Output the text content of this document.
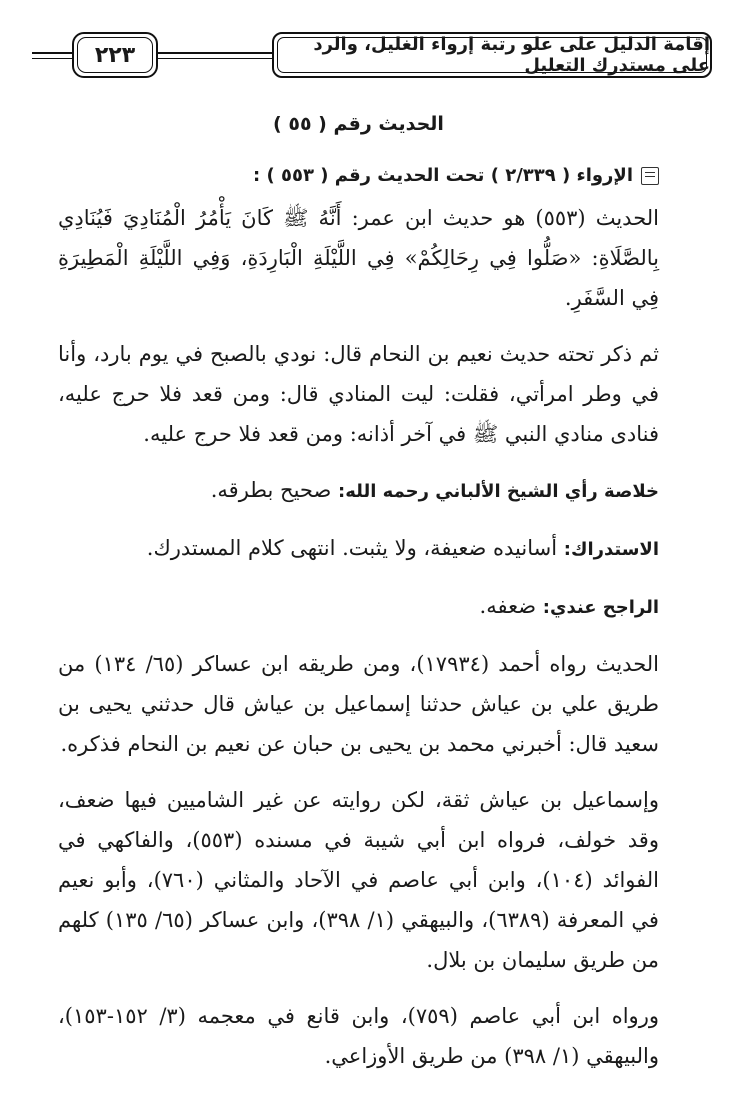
٢٢٣	إقامة الدليل على علو رتبة إرواء الغليل، والرد على مستدرك التعليل
الحديث رقم ( ٥٥ )
الإرواء ( ٢/٣٣٩ ) تحت الحديث رقم ( ٥٥٣ ) :

الحديث (٥٥٣) هو حديث ابن عمر: أَنَّهُ ﷺ كَانَ يَأْمُرُ الْمُنَادِيَ فَيُنَادِي بِالصَّلَاةِ: «صَلُّوا فِي رِحَالِكُمْ» فِي اللَّيْلَةِ الْبَارِدَةِ، وَفِي اللَّيْلَةِ الْمَطِيرَةِ فِي السَّفَرِ.

ثم ذكر تحته حديث نعيم بن النحام قال: نودي بالصبح في يوم بارد، وأنا في وطر امرأتي، فقلت: ليت المنادي قال: ومن قعد فلا حرج عليه، فنادى منادي النبي ﷺ في آخر أذانه: ومن قعد فلا حرج عليه.

خلاصة رأي الشيخ الألباني رحمه الله: صحيح بطرقه.

الاستدراك: أسانيده ضعيفة، ولا يثبت. انتهى كلام المستدرك.

الراجح عندي: ضعفه.

الحديث رواه أحمد (١٧٩٣٤)، ومن طريقه ابن عساكر (٦٥/ ١٣٤) من طريق علي بن عياش حدثنا إسماعيل بن عياش قال حدثني يحيى بن سعيد قال: أخبرني محمد بن يحيى بن حبان عن نعيم بن النحام فذكره.

وإسماعيل بن عياش ثقة، لكن روايته عن غير الشاميين فيها ضعف، وقد خولف، فرواه ابن أبي شيبة في مسنده (٥٥٣)، والفاكهي في الفوائد (١٠٤)، وابن أبي عاصم في الآحاد والمثاني (٧٦٠)، وأبو نعيم في المعرفة (٦٣٨٩)، والبيهقي (١/ ٣٩٨)، وابن عساكر (٦٥/ ١٣٥) كلهم من طريق سليمان بن بلال.

ورواه ابن أبي عاصم (٧٥٩)، وابن قانع في معجمه (٣/ ١٥٢-١٥٣)، والبيهقي (١/ ٣٩٨) من طريق الأوزاعي.
